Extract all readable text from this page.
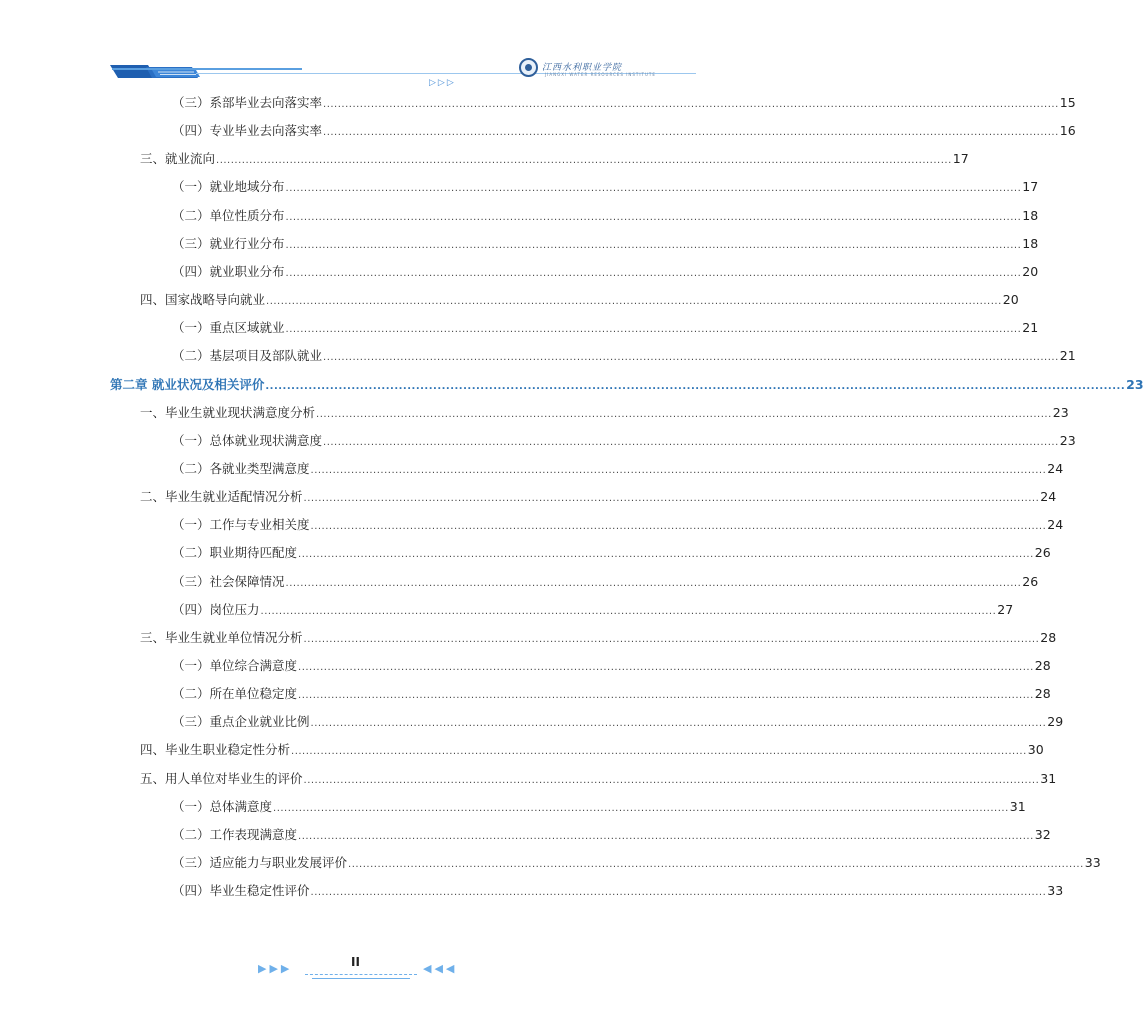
▷▷▷
江西水利职业学院
JIANGXI WATER RESOURCES INSTITUTE
（三）系部毕业去向落实率 ........................................................................................................................................................................................................ 15
（四）专业毕业去向落实率 ........................................................................................................................................................................................................ 16
三、就业流向 ........................................................................................................................................................................................................ 17
（一）就业地域分布 ........................................................................................................................................................................................................ 17
（二）单位性质分布 ........................................................................................................................................................................................................ 18
（三）就业行业分布 ........................................................................................................................................................................................................ 18
（四）就业职业分布 ........................................................................................................................................................................................................ 20
四、国家战略导向就业 ........................................................................................................................................................................................................ 20
（一）重点区域就业 ........................................................................................................................................................................................................ 21
（二）基层项目及部队就业 ........................................................................................................................................................................................................ 21
第二章 就业状况及相关评价 ........................................................................................................................................................................................................ 23
一、毕业生就业现状满意度分析 ........................................................................................................................................................................................................ 23
（一）总体就业现状满意度 ........................................................................................................................................................................................................ 23
（二）各就业类型满意度 ........................................................................................................................................................................................................ 24
二、毕业生就业适配情况分析 ........................................................................................................................................................................................................ 24
（一）工作与专业相关度 ........................................................................................................................................................................................................ 24
（二）职业期待匹配度 ........................................................................................................................................................................................................ 26
（三）社会保障情况 ........................................................................................................................................................................................................ 26
（四）岗位压力 ........................................................................................................................................................................................................ 27
三、毕业生就业单位情况分析 ........................................................................................................................................................................................................ 28
（一）单位综合满意度 ........................................................................................................................................................................................................ 28
（二）所在单位稳定度 ........................................................................................................................................................................................................ 28
（三）重点企业就业比例 ........................................................................................................................................................................................................ 29
四、毕业生职业稳定性分析 ........................................................................................................................................................................................................ 30
五、用人单位对毕业生的评价 ........................................................................................................................................................................................................ 31
（一）总体满意度 ........................................................................................................................................................................................................ 31
（二）工作表现满意度 ........................................................................................................................................................................................................ 32
（三）适应能力与职业发展评价 ........................................................................................................................................................................................................ 33
（四）毕业生稳定性评价 ........................................................................................................................................................................................................ 33
II
▶▶▶	◀◀◀
